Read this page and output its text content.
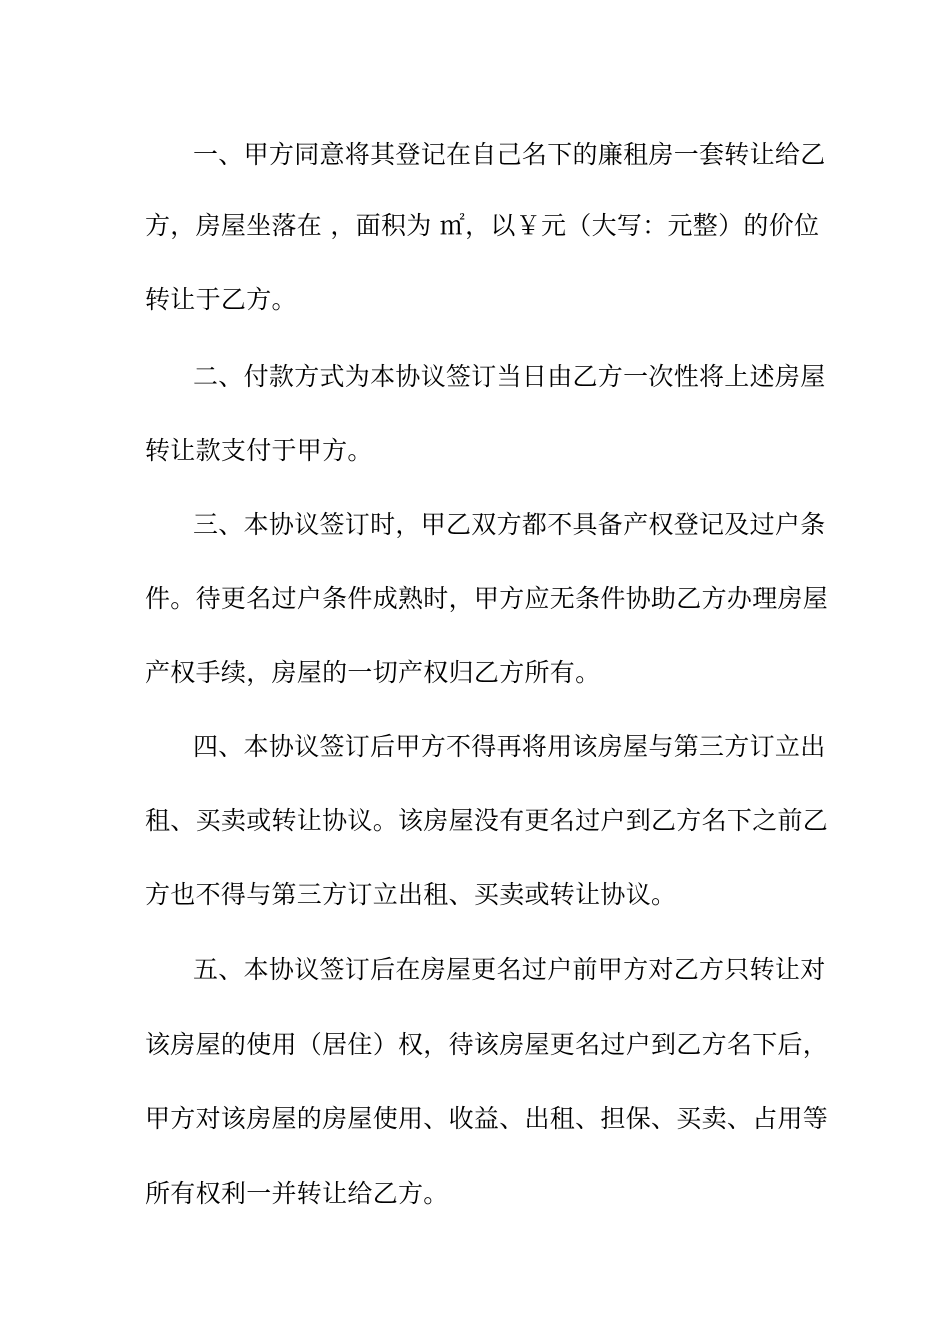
一、甲方同意将其登记在自己名下的廉租房一套转让给乙
方，房屋坐落在 ，面积为 ㎡，以￥元（大写：元整）的价位
转让于乙方。
二、付款方式为本协议签订当日由乙方一次性将上述房屋
转让款支付于甲方。
三、本协议签订时，甲乙双方都不具备产权登记及过户条
件。待更名过户条件成熟时，甲方应无条件协助乙方办理房屋
产权手续，房屋的一切产权归乙方所有。
四、本协议签订后甲方不得再将用该房屋与第三方订立出
租、买卖或转让协议。该房屋没有更名过户到乙方名下之前乙
方也不得与第三方订立出租、买卖或转让协议。
五、本协议签订后在房屋更名过户前甲方对乙方只转让对
该房屋的使用（居住）权，待该房屋更名过户到乙方名下后，
甲方对该房屋的房屋使用、收益、出租、担保、买卖、占用等
所有权利一并转让给乙方。
